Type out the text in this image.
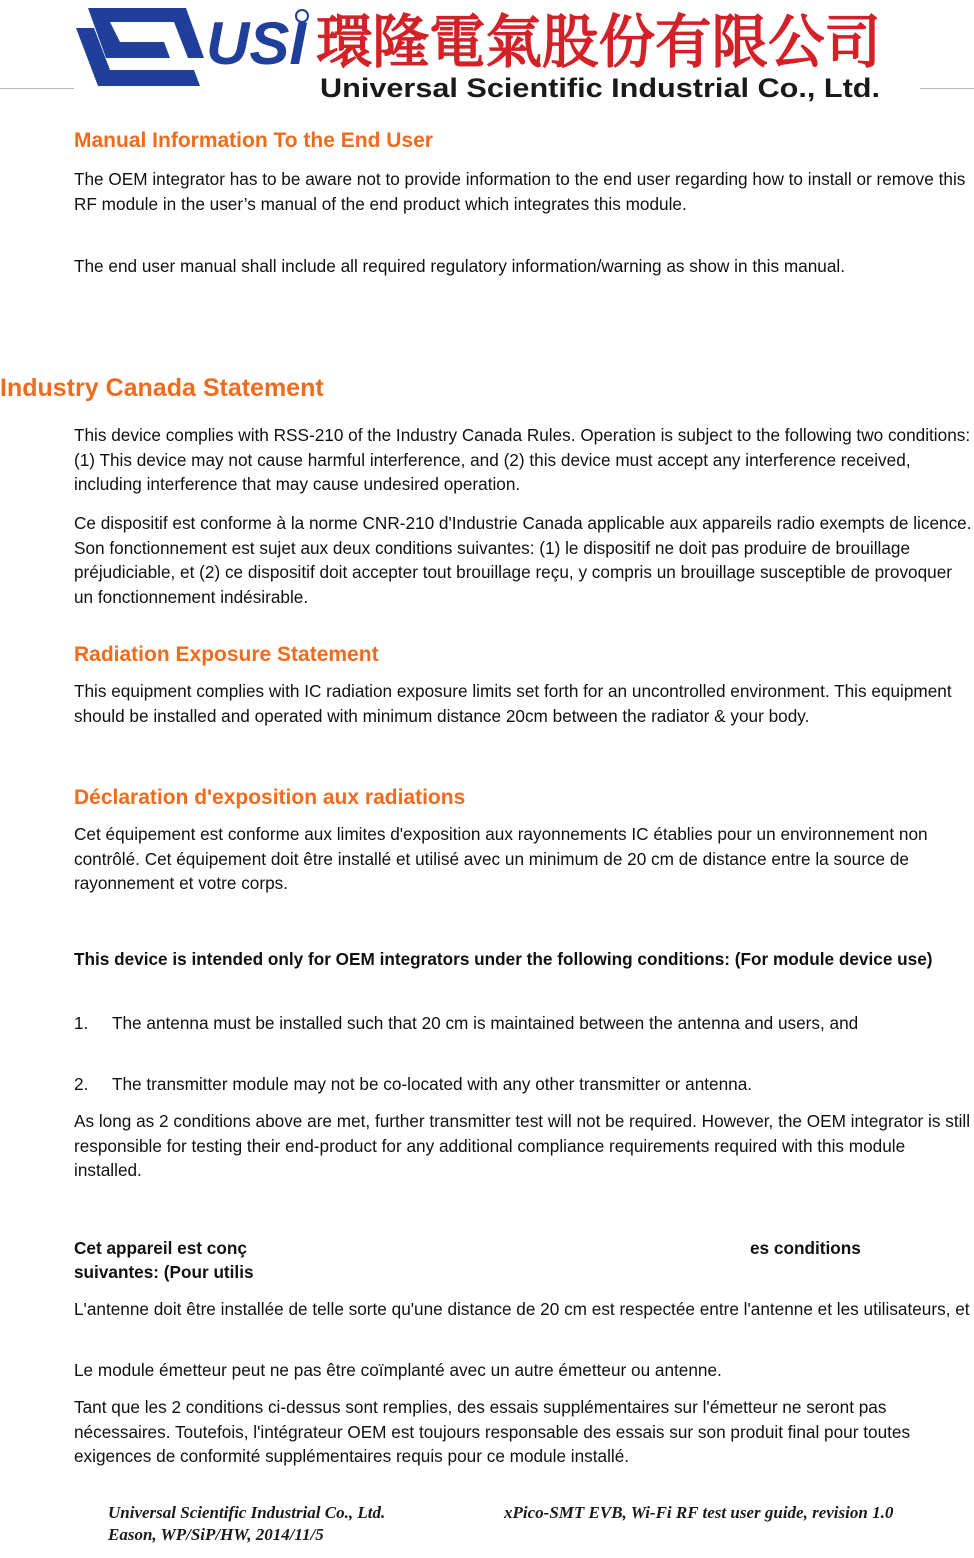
USI 環隆電氣股份有限公司
Universal Scientific Industrial Co., Ltd.
Manual Information To the End User

The OEM integrator has to be aware not to provide information to the end user regarding how to install or remove this RF module in the user’s manual of the end product which integrates this module.

The end user manual shall include all required regulatory information/warning as show in this manual.

Industry Canada Statement

This device complies with RSS-210 of the Industry Canada Rules. Operation is subject to the following two conditions: (1) This device may not cause harmful interference, and (2) this device must accept any interference received, including interference that may cause undesired operation.

Ce dispositif est conforme à la norme CNR-210 d'Industrie Canada applicable aux appareils radio exempts de licence. Son fonctionnement est sujet aux deux conditions suivantes: (1) le dispositif ne doit pas produire de brouillage préjudiciable, et (2) ce dispositif doit accepter tout brouillage reçu, y compris un brouillage susceptible de provoquer un fonctionnement indésirable.

Radiation Exposure Statement

This equipment complies with IC radiation exposure limits set forth for an uncontrolled environment. This equipment should be installed and operated with minimum distance 20cm between the radiator & your body.

Déclaration d'exposition aux radiations

Cet équipement est conforme aux limites d'exposition aux rayonnements IC établies pour un environnement non contrôlé. Cet équipement doit être installé et utilisé avec un minimum de 20 cm de distance entre la source de rayonnement et votre corps.

This device is intended only for OEM integrators under the following conditions: (For module device use)

1. The antenna must be installed such that 20 cm is maintained between the antenna and users, and
2. The transmitter module may not be co-located with any other transmitter or antenna.

As long as 2 conditions above are met, further transmitter test will not be required. However, the OEM integrator is still responsible for testing their end-product for any additional compliance requirements required with this module installed.

Cet appareil est conç	es conditions

suivantes: (Pour utilis

L'antenne doit être installée de telle sorte qu'une distance de 20 cm est respectée entre l'antenne et les utilisateurs, et

Le module émetteur peut ne pas être coïmplanté avec un autre émetteur ou antenne.

Tant que les 2 conditions ci-dessus sont remplies, des essais supplémentaires sur l'émetteur ne seront pas nécessaires. Toutefois, l'intégrateur OEM est toujours responsable des essais sur son produit final pour toutes exigences de conformité supplémentaires requis pour ce module installé.

Universal Scientific Industrial Co., Ltd.	xPico-SMT EVB, Wi-Fi RF test user guide, revision 1.0
Eason, WP/SiP/HW, 2014/11/5
